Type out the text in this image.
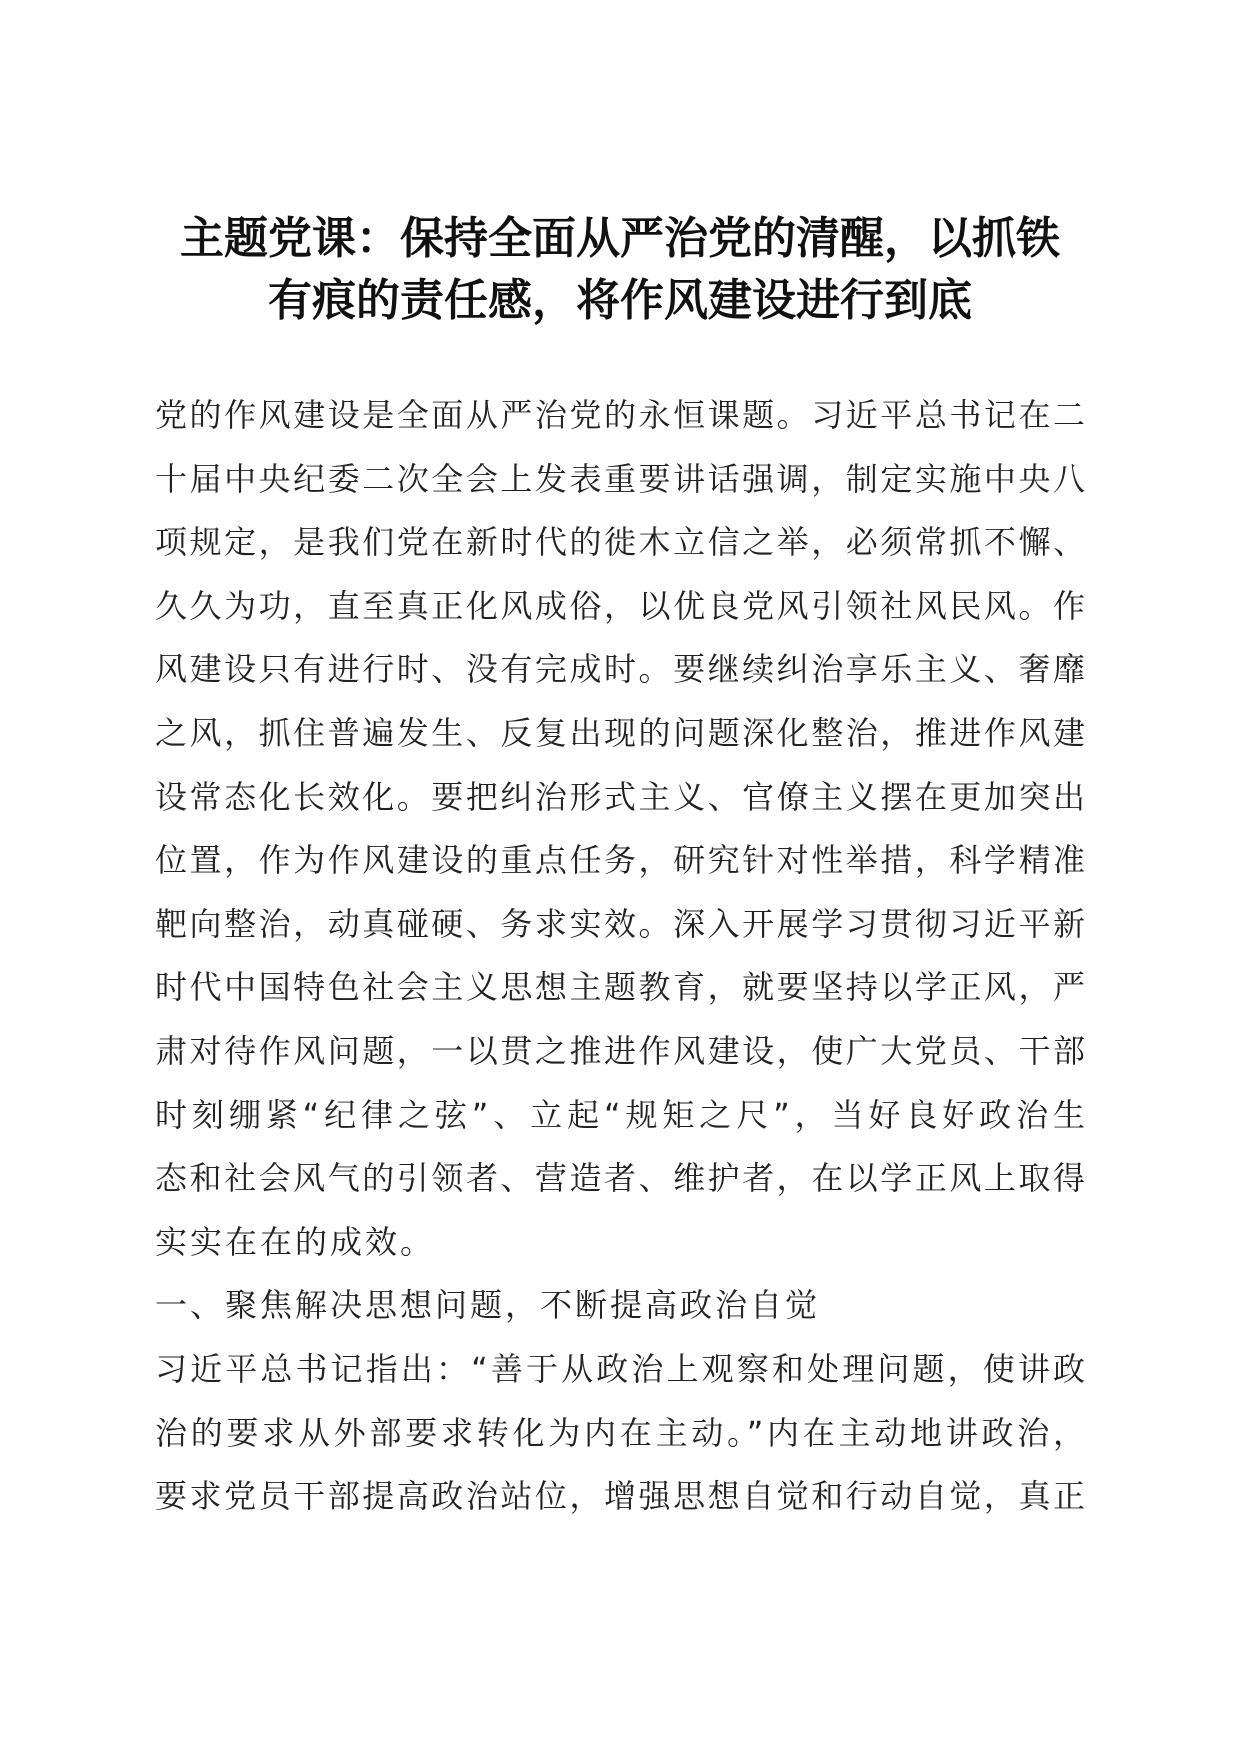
主题党课：保持全面从严治党的清醒，以抓铁
有痕的责任感，将作风建设进行到底
党的作风建设是全面从严治党的永恒课题。习近平总书记在二
十届中央纪委二次全会上发表重要讲话强调，制定实施中央八
项规定，是我们党在新时代的徙木立信之举，必须常抓不懈、
久久为功，直至真正化风成俗，以优良党风引领社风民风。作
风建设只有进行时、没有完成时。要继续纠治享乐主义、奢靡
之风，抓住普遍发生、反复出现的问题深化整治，推进作风建
设常态化长效化。要把纠治形式主义、官僚主义摆在更加突出
位置，作为作风建设的重点任务，研究针对性举措，科学精准
靶向整治，动真碰硬、务求实效。深入开展学习贯彻习近平新
时代中国特色社会主义思想主题教育，就要坚持以学正风，严
肃对待作风问题，一以贯之推进作风建设，使广大党员、干部
时刻绷紧“纪律之弦”、立起“规矩之尺”，当好良好政治生
态和社会风气的引领者、营造者、维护者，在以学正风上取得
实实在在的成效。
一、聚焦解决思想问题，不断提高政治自觉
习近平总书记指出：“善于从政治上观察和处理问题，使讲政
治的要求从外部要求转化为内在主动。”内在主动地讲政治，
要求党员干部提高政治站位，增强思想自觉和行动自觉，真正
